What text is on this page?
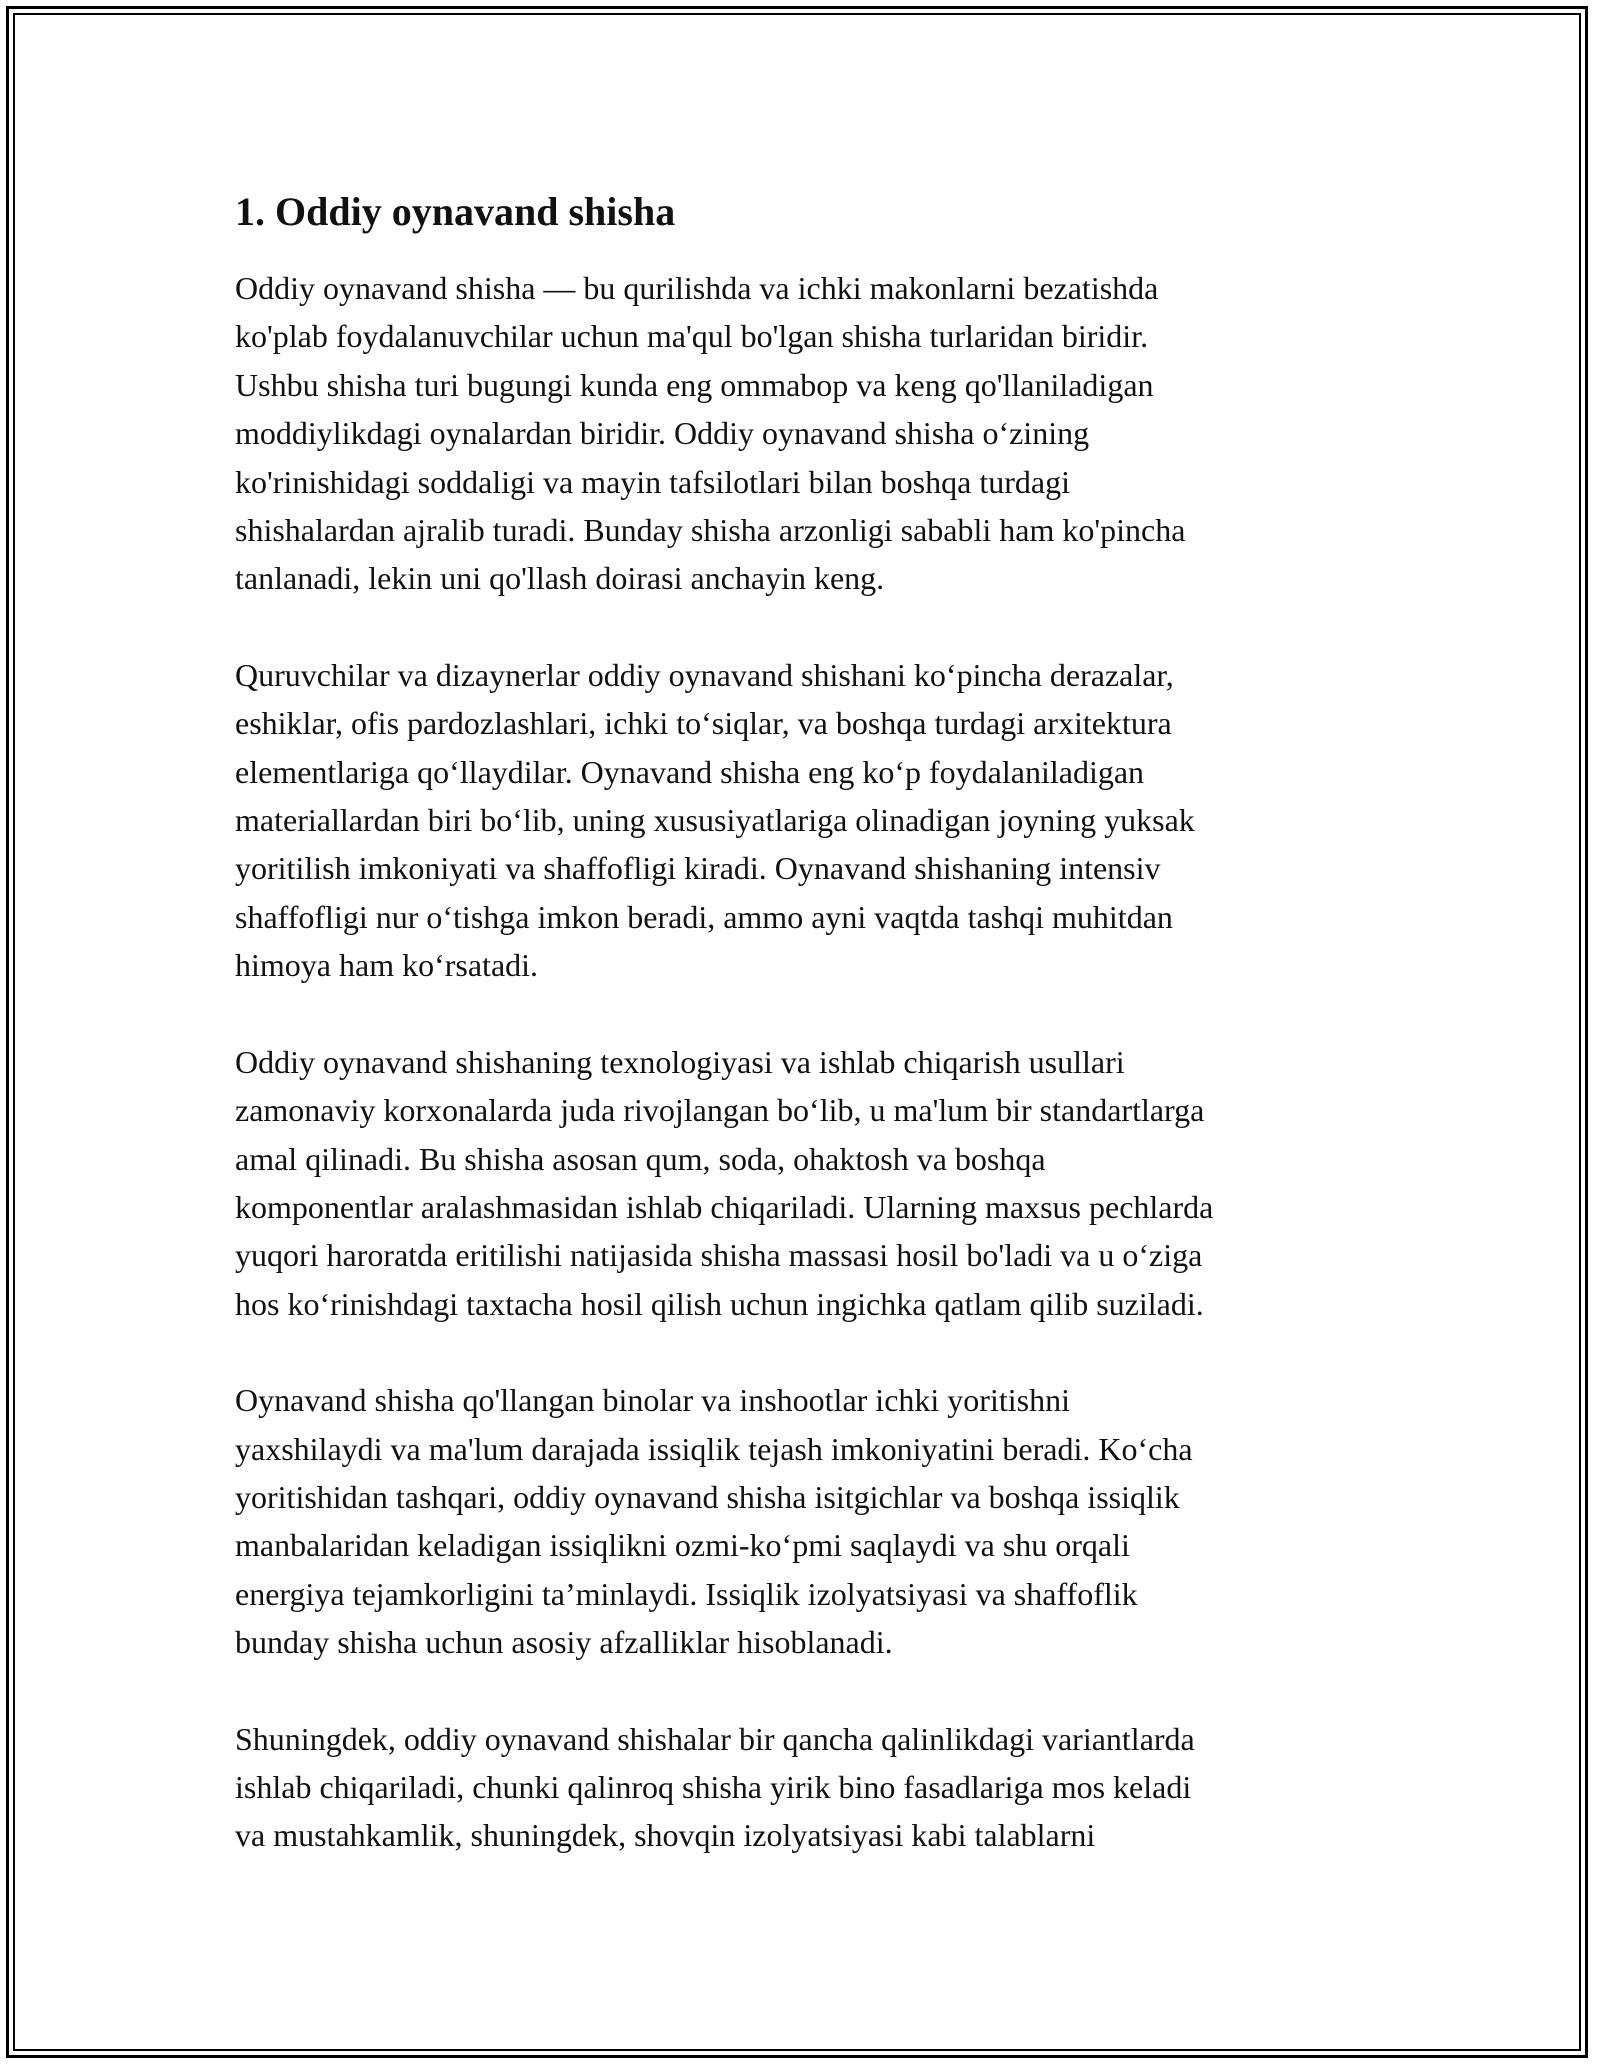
1. Oddiy oynavand shisha
Oddiy oynavand shisha — bu qurilishda va ichki makonlarni bezatishda
ko'plab foydalanuvchilar uchun ma'qul bo'lgan shisha turlaridan biridir.
Ushbu shisha turi bugungi kunda eng ommabop va keng qo'llaniladigan
moddiylikdagi oynalardan biridir. Oddiy oynavand shisha o‘zining
ko'rinishidagi soddaligi va mayin tafsilotlari bilan boshqa turdagi
shishalardan ajralib turadi. Bunday shisha arzonligi sababli ham ko'pincha
tanlanadi, lekin uni qo'llash doirasi anchayin keng.
Quruvchilar va dizaynerlar oddiy oynavand shishani ko‘pincha derazalar,
eshiklar, ofis pardozlashlari, ichki to‘siqlar, va boshqa turdagi arxitektura
elementlariga qo‘llaydilar. Oynavand shisha eng ko‘p foydalaniladigan
materiallardan biri bo‘lib, uning xususiyatlariga olinadigan joyning yuksak
yoritilish imkoniyati va shaffofligi kiradi. Oynavand shishaning intensiv
shaffofligi nur o‘tishga imkon beradi, ammo ayni vaqtda tashqi muhitdan
himoya ham ko‘rsatadi.
Oddiy oynavand shishaning texnologiyasi va ishlab chiqarish usullari
zamonaviy korxonalarda juda rivojlangan bo‘lib, u ma'lum bir standartlarga
amal qilinadi. Bu shisha asosan qum, soda, ohaktosh va boshqa
komponentlar aralashmasidan ishlab chiqariladi. Ularning maxsus pechlarda
yuqori haroratda eritilishi natijasida shisha massasi hosil bo'ladi va u o‘ziga
hos ko‘rinishdagi taxtacha hosil qilish uchun ingichka qatlam qilib suziladi.
Oynavand shisha qo'llangan binolar va inshootlar ichki yoritishni
yaxshilaydi va ma'lum darajada issiqlik tejash imkoniyatini beradi. Ko‘cha
yoritishidan tashqari, oddiy oynavand shisha isitgichlar va boshqa issiqlik
manbalaridan keladigan issiqlikni ozmi-ko‘pmi saqlaydi va shu orqali
energiya tejamkorligini ta’minlaydi. Issiqlik izolyatsiyasi va shaffoflik
bunday shisha uchun asosiy afzalliklar hisoblanadi.
Shuningdek, oddiy oynavand shishalar bir qancha qalinlikdagi variantlarda
ishlab chiqariladi, chunki qalinroq shisha yirik bino fasadlariga mos keladi
va mustahkamlik, shuningdek, shovqin izolyatsiyasi kabi talablarni
